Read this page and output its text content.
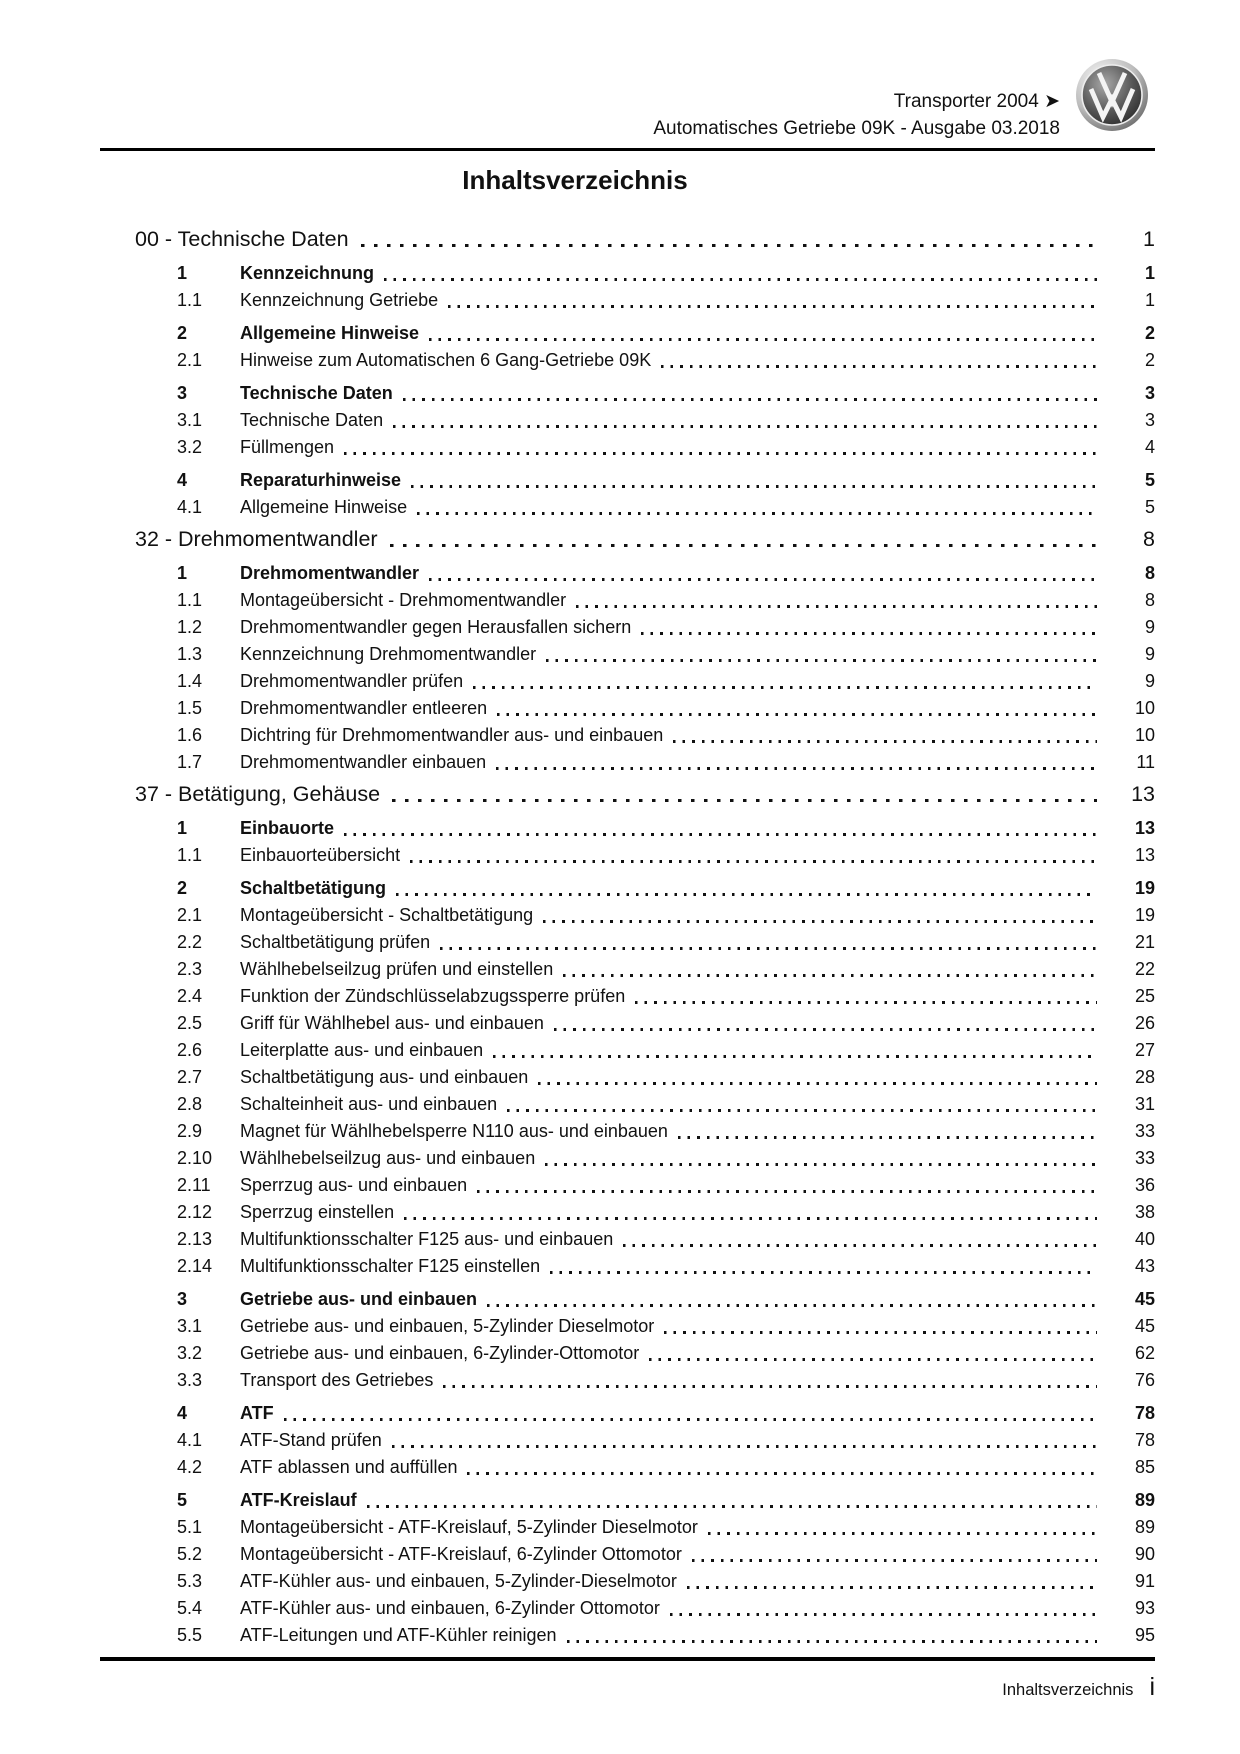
Transporter 2004 ➤
Automatisches Getriebe 09K - Ausgabe 03.2018
Inhaltsverzeichnis
00 - Technische Daten	1
1	Kennzeichnung	1
1.1	Kennzeichnung Getriebe	1
2	Allgemeine Hinweise	2
2.1	Hinweise zum Automatischen 6 Gang-Getriebe 09K	2
3	Technische Daten	3
3.1	Technische Daten	3
3.2	Füllmengen	4
4	Reparaturhinweise	5
4.1	Allgemeine Hinweise	5
32 - Drehmomentwandler	8
1	Drehmomentwandler	8
1.1	Montageübersicht - Drehmomentwandler	8
1.2	Drehmomentwandler gegen Herausfallen sichern	9
1.3	Kennzeichnung Drehmomentwandler	9
1.4	Drehmomentwandler prüfen	9
1.5	Drehmomentwandler entleeren	10
1.6	Dichtring für Drehmomentwandler aus- und einbauen	10
1.7	Drehmomentwandler einbauen	11
37 - Betätigung, Gehäuse	13
1	Einbauorte	13
1.1	Einbauorteübersicht	13
2	Schaltbetätigung	19
2.1	Montageübersicht - Schaltbetätigung	19
2.2	Schaltbetätigung prüfen	21
2.3	Wählhebelseilzug prüfen und einstellen	22
2.4	Funktion der Zündschlüsselabzugssperre prüfen	25
2.5	Griff für Wählhebel aus- und einbauen	26
2.6	Leiterplatte aus- und einbauen	27
2.7	Schaltbetätigung aus- und einbauen	28
2.8	Schalteinheit aus- und einbauen	31
2.9	Magnet für Wählhebelsperre N110 aus- und einbauen	33
2.10	Wählhebelseilzug aus- und einbauen	33
2.11	Sperrzug aus- und einbauen	36
2.12	Sperrzug einstellen	38
2.13	Multifunktionsschalter F125 aus- und einbauen	40
2.14	Multifunktionsschalter F125 einstellen	43
3	Getriebe aus- und einbauen	45
3.1	Getriebe aus- und einbauen, 5-Zylinder Dieselmotor	45
3.2	Getriebe aus- und einbauen, 6-Zylinder-Ottomotor	62
3.3	Transport des Getriebes	76
4	ATF	78
4.1	ATF-Stand prüfen	78
4.2	ATF ablassen und auffüllen	85
5	ATF-Kreislauf	89
5.1	Montageübersicht - ATF-Kreislauf, 5-Zylinder Dieselmotor	89
5.2	Montageübersicht - ATF-Kreislauf, 6-Zylinder Ottomotor	90
5.3	ATF-Kühler aus- und einbauen, 5-Zylinder-Dieselmotor	91
5.4	ATF-Kühler aus- und einbauen, 6-Zylinder Ottomotor	93
5.5	ATF-Leitungen und ATF-Kühler reinigen	95
Inhaltsverzeichnis i
